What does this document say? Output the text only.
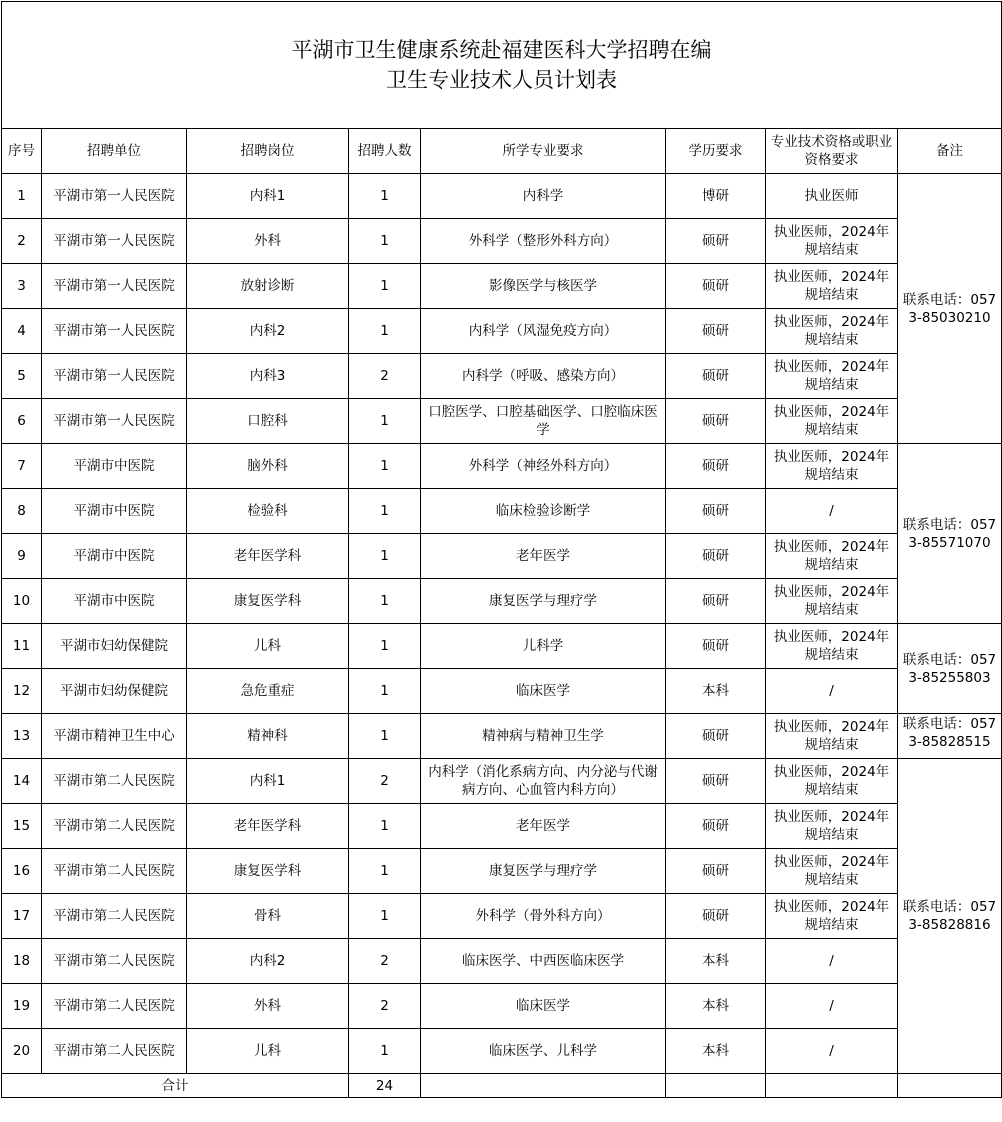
平湖市卫生健康系统赴福建医科大学招聘在编
卫生专业技术人员计划表							

序号	招聘单位	招聘岗位	招聘人数	所学专业要求	学历要求	专业技术资格或职业资格要求	备注
1	平湖市第一人民医院	内科1	1	内科学	博研	执业医师	联系电话：0573-85030210

2	平湖市第一人民医院	外科	1	外科学（整形外科方向）	硕研	执业医师，2024年规培结束	
3	平湖市第一人民医院	放射诊断	1	影像医学与核医学	硕研	执业医师，2024年规培结束	
4	平湖市第一人民医院	内科2	1	内科学（风湿免疫方向）	硕研	执业医师，2024年规培结束	
5	平湖市第一人民医院	内科3	2	内科学（呼吸、感染方向）	硕研	执业医师，2024年规培结束	
6	平湖市第一人民医院	口腔科	1	口腔医学、口腔基础医学、口腔临床医学	硕研	执业医师，2024年规培结束	
7	平湖市中医院	脑外科	1	外科学（神经外科方向）	硕研	执业医师，2024年规培结束	联系电话：0573-85571070

8	平湖市中医院	检验科	1	临床检验诊断学	硕研	/	
9	平湖市中医院	老年医学科	1	老年医学	硕研	执业医师，2024年规培结束	
10	平湖市中医院	康复医学科	1	康复医学与理疗学	硕研	执业医师，2024年规培结束	
11	平湖市妇幼保健院	儿科	1	儿科学	硕研	执业医师，2024年规培结束	联系电话：0573-85255803

12	平湖市妇幼保健院	急危重症	1	临床医学	本科	/	
13	平湖市精神卫生中心	精神科	1	精神病与精神卫生学	硕研	执业医师，2024年规培结束	联系电话：0573-85828515

14	平湖市第二人民医院	内科1	2	内科学（消化系病方向、内分泌与代谢病方向、心血管内科方向）	硕研	执业医师，2024年规培结束	联系电话：0573-85828816

15	平湖市第二人民医院	老年医学科	1	老年医学	硕研	执业医师，2024年规培结束	
16	平湖市第二人民医院	康复医学科	1	康复医学与理疗学	硕研	执业医师，2024年规培结束	
17	平湖市第二人民医院	骨科	1	外科学（骨外科方向）	硕研	执业医师，2024年规培结束	
18	平湖市第二人民医院	内科2	2	临床医学、中西医临床医学	本科	/	
19	平湖市第二人民医院	外科	2	临床医学	本科	/	
20	平湖市第二人民医院	儿科	1	临床医学、儿科学	本科	/	
合计			24				
